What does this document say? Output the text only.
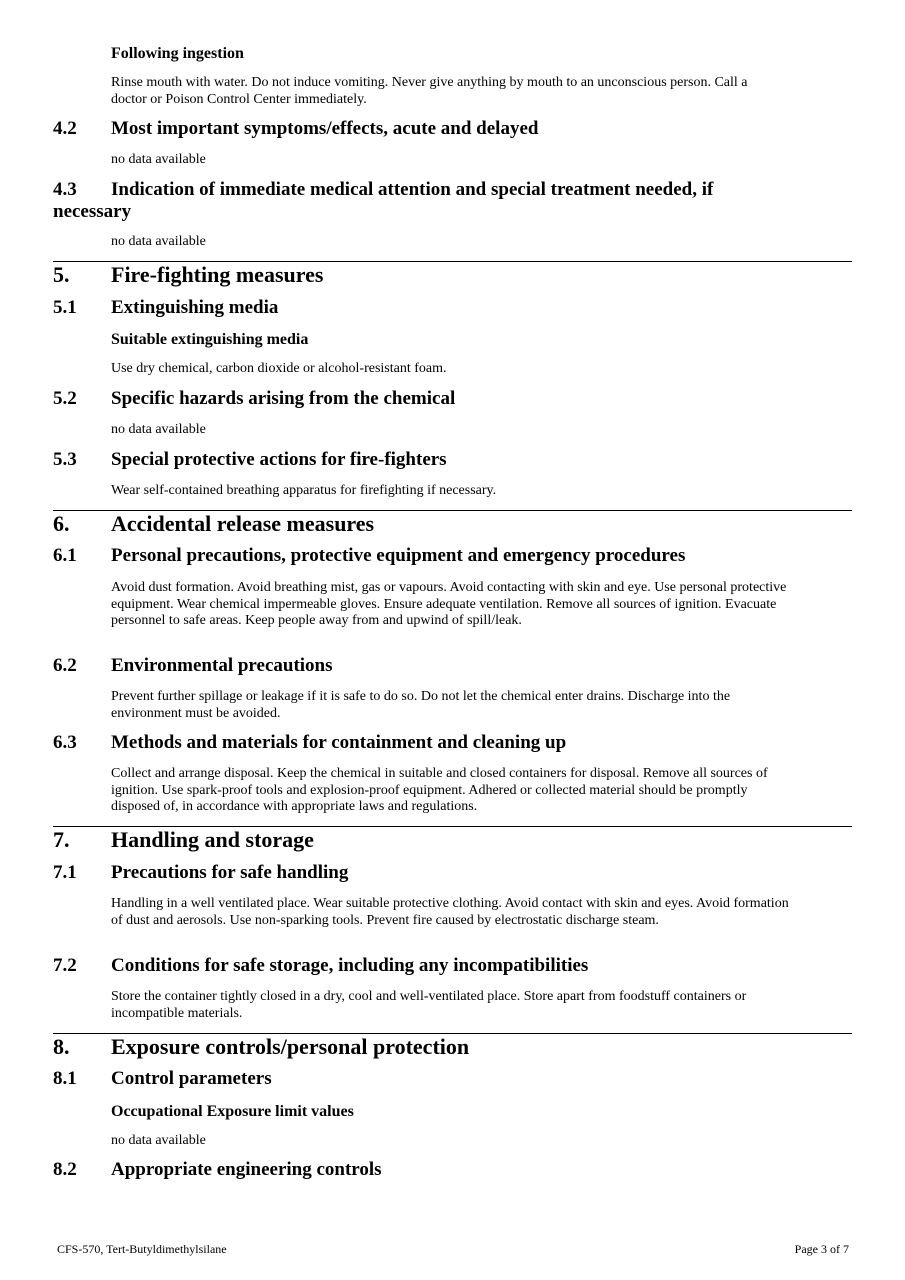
Following ingestion

Rinse mouth with water. Do not induce vomiting. Never give anything by mouth to an unconscious person. Call a doctor or Poison Control Center immediately.

4.2 Most important symptoms/effects, acute and delayed

no data available

4.3 Indication of immediate medical attention and special treatment needed, if
necessary

no data available

5. Fire-fighting measures
5.1 Extinguishing media

Suitable extinguishing media

Use dry chemical, carbon dioxide or alcohol-resistant foam.

5.2 Specific hazards arising from the chemical

no data available

5.3 Special protective actions for fire-fighters

Wear self-contained breathing apparatus for firefighting if necessary.

6. Accidental release measures
6.1 Personal precautions, protective equipment and emergency procedures

Avoid dust formation. Avoid breathing mist, gas or vapours. Avoid contacting with skin and eye. Use personal protective equipment. Wear chemical impermeable gloves. Ensure adequate ventilation. Remove all sources of ignition. Evacuate personnel to safe areas. Keep people away from and upwind of spill/leak.

6.2 Environmental precautions

Prevent further spillage or leakage if it is safe to do so. Do not let the chemical enter drains. Discharge into the environment must be avoided.

6.3 Methods and materials for containment and cleaning up

Collect and arrange disposal. Keep the chemical in suitable and closed containers for disposal. Remove all sources of ignition. Use spark-proof tools and explosion-proof equipment. Adhered or collected material should be promptly disposed of, in accordance with appropriate laws and regulations.

7. Handling and storage
7.1 Precautions for safe handling

Handling in a well ventilated place. Wear suitable protective clothing. Avoid contact with skin and eyes. Avoid formation of dust and aerosols. Use non-sparking tools. Prevent fire caused by electrostatic discharge steam.

7.2 Conditions for safe storage, including any incompatibilities

Store the container tightly closed in a dry, cool and well-ventilated place. Store apart from foodstuff containers or incompatible materials.

8. Exposure controls/personal protection
8.1 Control parameters

Occupational Exposure limit values

no data available

8.2 Appropriate engineering controls
CFS-570, Tert-Butyldimethylsilane	Page 3 of 7
